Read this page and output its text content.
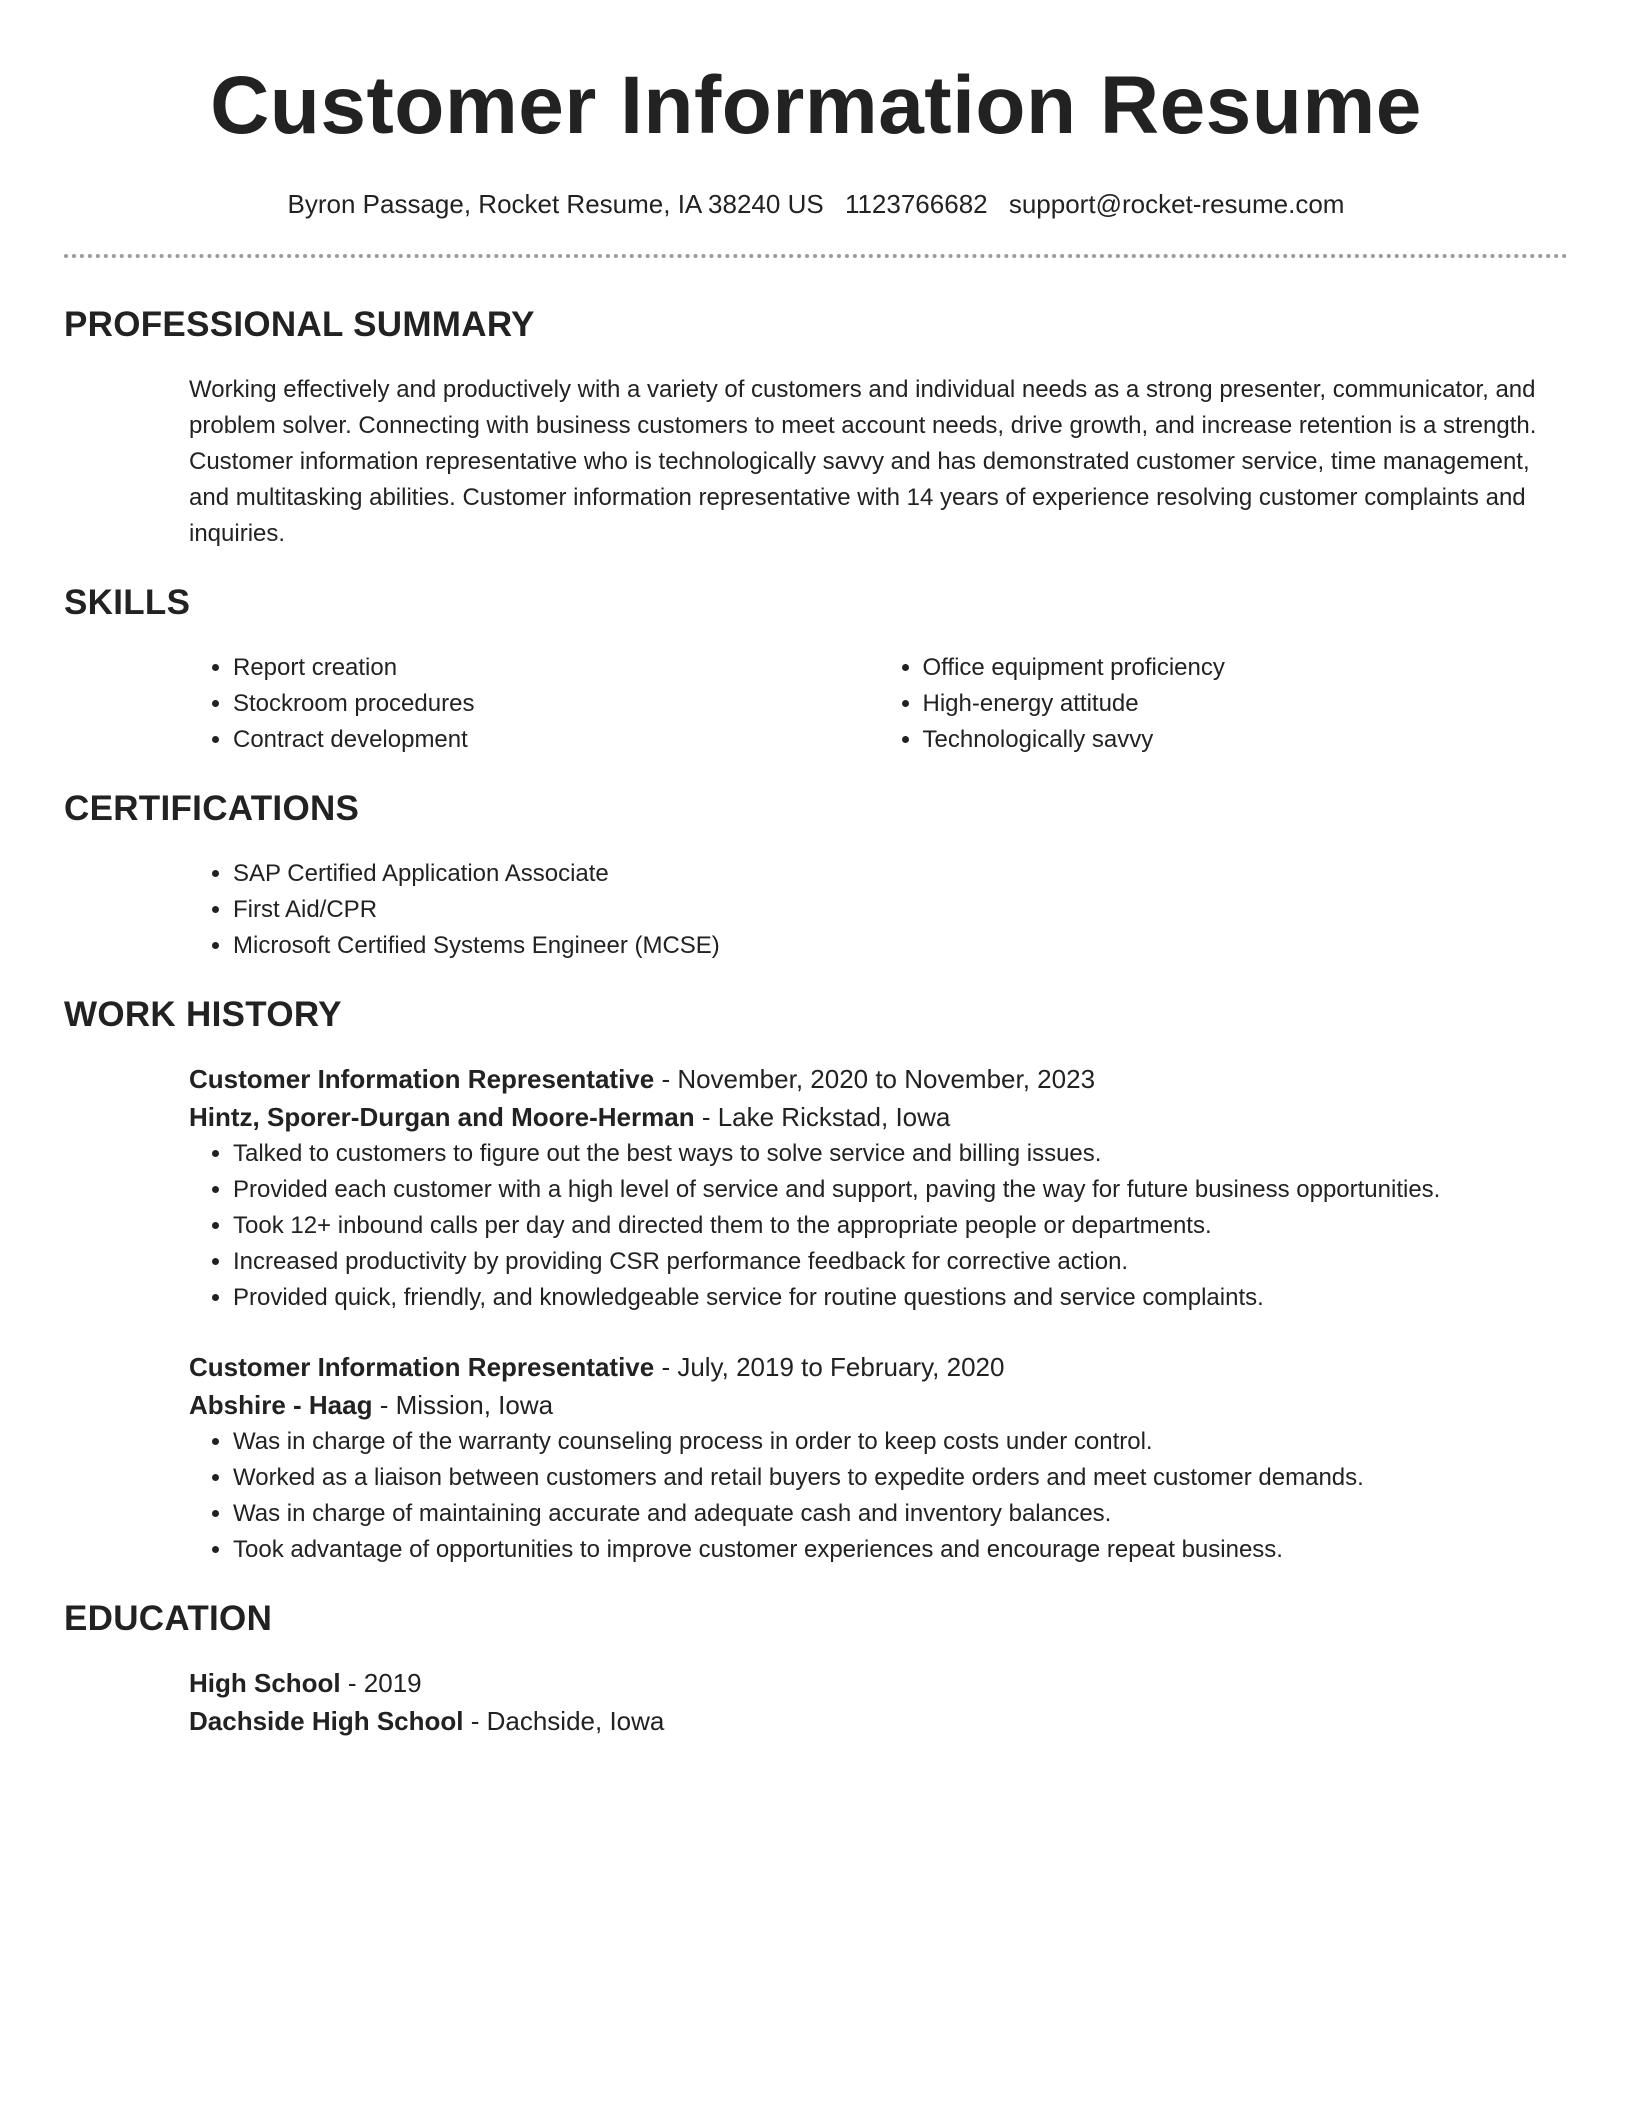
Customer Information Resume
Byron Passage, Rocket Resume, IA 38240 US 1123766682 support@rocket-resume.com
PROFESSIONAL SUMMARY

Working effectively and productively with a variety of customers and individual needs as a strong presenter, communicator, and problem solver. Connecting with business customers to meet account needs, drive growth, and increase retention is a strength. Customer information representative who is technologically savvy and has demonstrated customer service, time management, and multitasking abilities. Customer information representative with 14 years of experience resolving customer complaints and inquiries.

SKILLS
• Report creation
• Stockroom procedures
• Contract development
• Office equipment proficiency
• High-energy attitude
• Technologically savvy
CERTIFICATIONS
• SAP Certified Application Associate
• First Aid/CPR
• Microsoft Certified Systems Engineer (MCSE)
WORK HISTORY
Customer Information Representative - November, 2020 to November, 2023
Hintz, Sporer-Durgan and Moore-Herman - Lake Rickstad, Iowa
• Talked to customers to figure out the best ways to solve service and billing issues.
• Provided each customer with a high level of service and support, paving the way for future business opportunities.
• Took 12+ inbound calls per day and directed them to the appropriate people or departments.
• Increased productivity by providing CSR performance feedback for corrective action.
• Provided quick, friendly, and knowledgeable service for routine questions and service complaints.
Customer Information Representative - July, 2019 to February, 2020
Abshire - Haag - Mission, Iowa
• Was in charge of the warranty counseling process in order to keep costs under control.
• Worked as a liaison between customers and retail buyers to expedite orders and meet customer demands.
• Was in charge of maintaining accurate and adequate cash and inventory balances.
• Took advantage of opportunities to improve customer experiences and encourage repeat business.
EDUCATION
High School - 2019
Dachside High School - Dachside, Iowa
